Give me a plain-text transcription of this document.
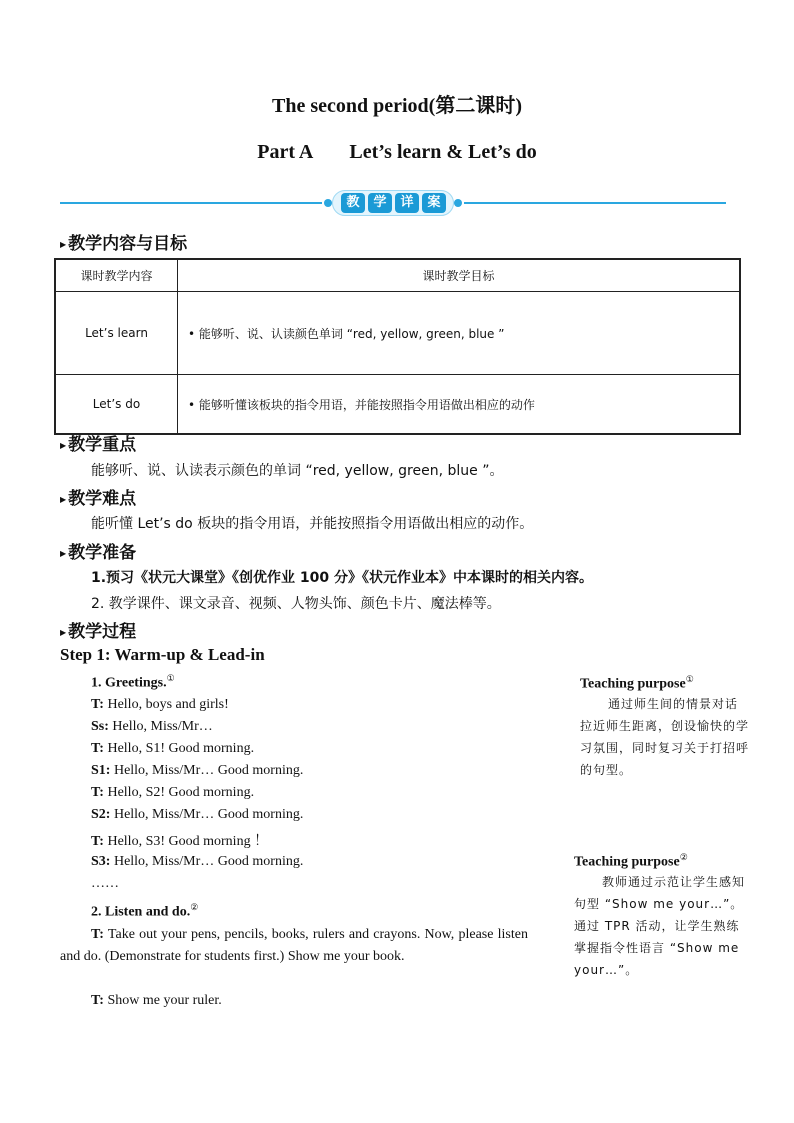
The second period(第二课时)
Part A Let’s learn & Let’s do
教	学	详	案
▶ 教学内容与目标
课时教学内容	课时教学目标
Let’s learn	• 能够听、说、认读颜色单词 “red, yellow, green, blue ”
Let’s do	• 能够听懂该板块的指令用语，并能按照指令用语做出相应的动作
▶ 教学重点
能够听、说、认读表示颜色的单词 “red, yellow, green, blue ”。
▶ 教学难点
能听懂 Let’s do 板块的指令用语，并能按照指令用语做出相应的动作。
▶ 教学准备
1.预习《状元大课堂》《创优作业 100 分》《状元作业本》中本课时的相关内容。
2. 教学课件、课文录音、视频、人物头饰、颜色卡片、魔法棒等。
▶ 教学过程
Step 1: Warm-up & Lead-in
1. Greetings.①
T: Hello, boys and girls!
Ss: Hello, Miss/Mr…
T: Hello, S1! Good morning.
S1: Hello, Miss/Mr… Good morning.
T: Hello, S2! Good morning.
S2: Hello, Miss/Mr… Good morning.
T: Hello, S3! Good morning ！
S3: Hello, Miss/Mr… Good morning.
……
2. Listen and do.②
T: Take out your pens, pencils, books, rulers and crayons. Now, please listen and do. (Demonstrate for students first.) Show me your book.
T: Show me your ruler.
Teaching purpose①
通过师生间的情景对话拉近师生距离，创设愉快的学习氛围，同时复习关于打招呼的句型。
Teaching purpose②
教师通过示范让学生感知句型 “Show me your…”。通过 TPR 活动，让学生熟练掌握指令性语言 “Show me your…”。
